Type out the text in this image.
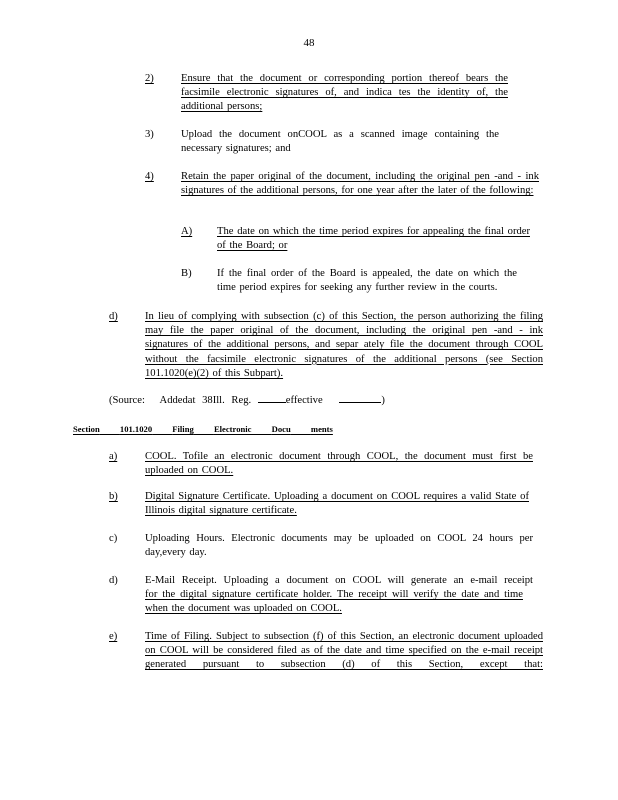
48
2)	Ensure that the document or corresponding portion thereof bears the facsimile electronic signatures of, and indica tes the identity of, the additional persons;
3)	Upload the document onCOOL as a scanned image containing the necessary signatures; and
4)	Retain the paper original of the document, including the original pen -and - ink signatures of the additional persons, for one year after the later of the following:
A) The date on which the time period expires for appealing the final order of the Board; or
B) If the final order of the Board is appealed, the date on which the time period expires for seeking any further review in the courts.
d)	In lieu of complying with subsection (c) of this Section, the person authorizing the filing may file the paper original of the document, including the original pen -and - ink signatures of the additional persons, and separ ately file the document through COOL without the facsimile electronic signatures of the additional persons (see Section 101.1020(e)(2) of this Subpart).
(Source: Addedat 38Ill. Reg.	effective	)
Section 101.1020 Filing Electronic Docu ments
a)	COOL. Tofile an electronic document through COOL, the document must first be uploaded on COOL.
b)	Digital Signature Certificate. Uploading a document on COOL requires a valid State of Illinois digital signature certificate.
c)	Uploading Hours. Electronic documents may be uploaded on COOL 24 hours per day,every day.
d)	E-Mail Receipt. Uploading a document on COOL will generate an e-mail receipt
for the digital signature certificate holder. The receipt will verify the date and time when the document was uploaded on COOL.
e)	Time of Filing. Subject to subsection (f) of this Section, an electronic document uploaded on COOL will be considered filed as of the date and time specified on the e-mail receipt generated pursuant to subsection (d) of this Section, except that:
